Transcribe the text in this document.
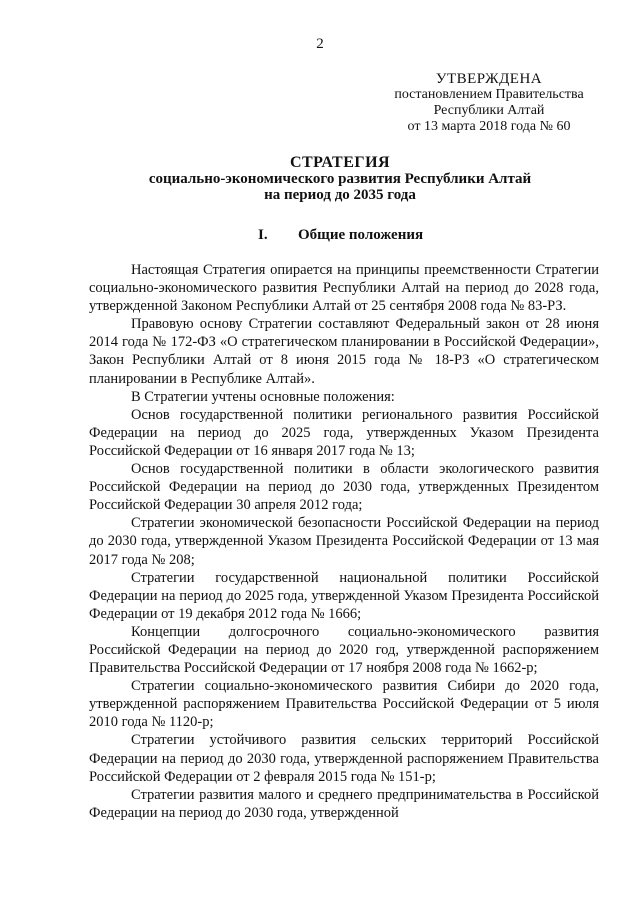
2
УТВЕРЖДЕНА
постановлением Правительства
Республики Алтай
от 13 марта 2018 года № 60
СТРАТЕГИЯ
социально-экономического развития Республики Алтай
на период до 2035 года
I. Общие положения

Настоящая Стратегия опирается на принципы преемственности Стратегии социально-экономического развития Республики Алтай на период до 2028 года, утвержденной Законом Республики Алтай от 25 сентября 2008 года № 83-РЗ.

Правовую основу Стратегии составляют Федеральный закон от 28 июня 2014 года № 172-ФЗ «О стратегическом планировании в Российской Федерации», Закон Республики Алтай от 8 июня 2015 года № 18-РЗ «О стратегическом планировании в Республике Алтай».

В Стратегии учтены основные положения:

Основ государственной политики регионального развития Российской Федерации на период до 2025 года, утвержденных Указом Президента Российской Федерации от 16 января 2017 года № 13;

Основ государственной политики в области экологического развития Российской Федерации на период до 2030 года, утвержденных Президентом Российской Федерации 30 апреля 2012 года;

Стратегии экономической безопасности Российской Федерации на период до 2030 года, утвержденной Указом Президента Российской Федерации от 13 мая 2017 года № 208;

Стратегии государственной национальной политики Российской Федерации на период до 2025 года, утвержденной Указом Президента Российской Федерации от 19 декабря 2012 года № 1666;

Концепции долгосрочного социально-экономического развития Российской Федерации на период до 2020 год, утвержденной распоряжением Правительства Российской Федерации от 17 ноября 2008 года № 1662-р;

Стратегии социально-экономического развития Сибири до 2020 года, утвержденной распоряжением Правительства Российской Федерации от 5 июля 2010 года № 1120-р;

Стратегии устойчивого развития сельских территорий Российской Федерации на период до 2030 года, утвержденной распоряжением Правительства Российской Федерации от 2 февраля 2015 года № 151-р;

Стратегии развития малого и среднего предпринимательства в Российской Федерации на период до 2030 года, утвержденной
